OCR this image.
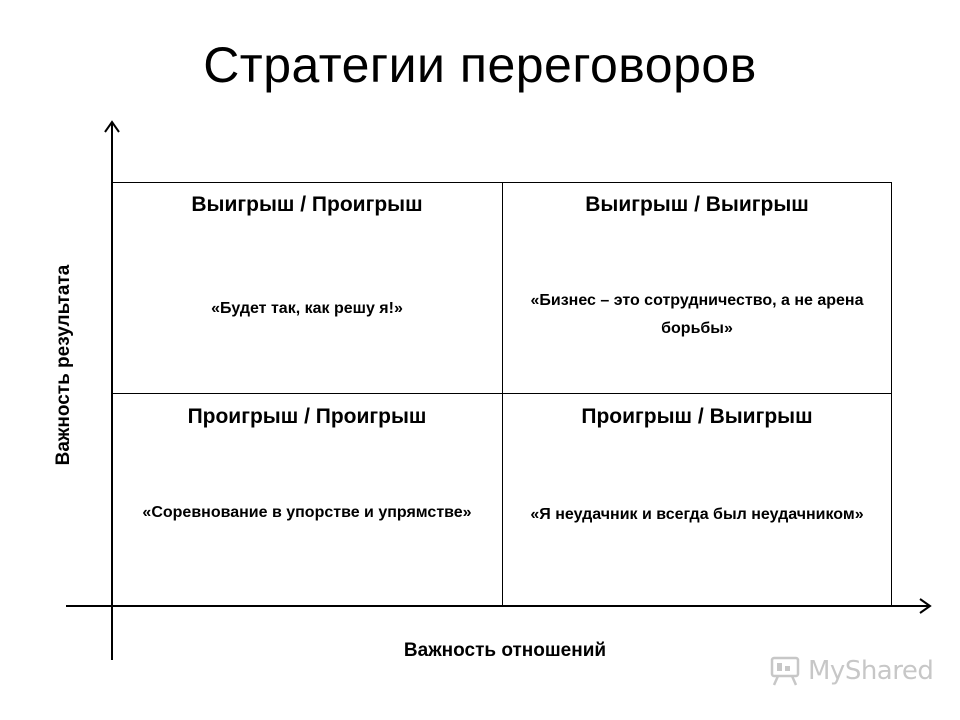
Стратегии переговоров
Выигрыш / Проигрыш
«Будет так, как решу я!»
Выигрыш / Выигрыш
«Бизнес – это сотрудничество, а не арена борьбы»
Проигрыш / Проигрыш
«Соревнование в упорстве и упрямстве»
Проигрыш / Выигрыш
«Я неудачник и всегда был неудачником»
Важность результата
Важность отношений
MyShared
